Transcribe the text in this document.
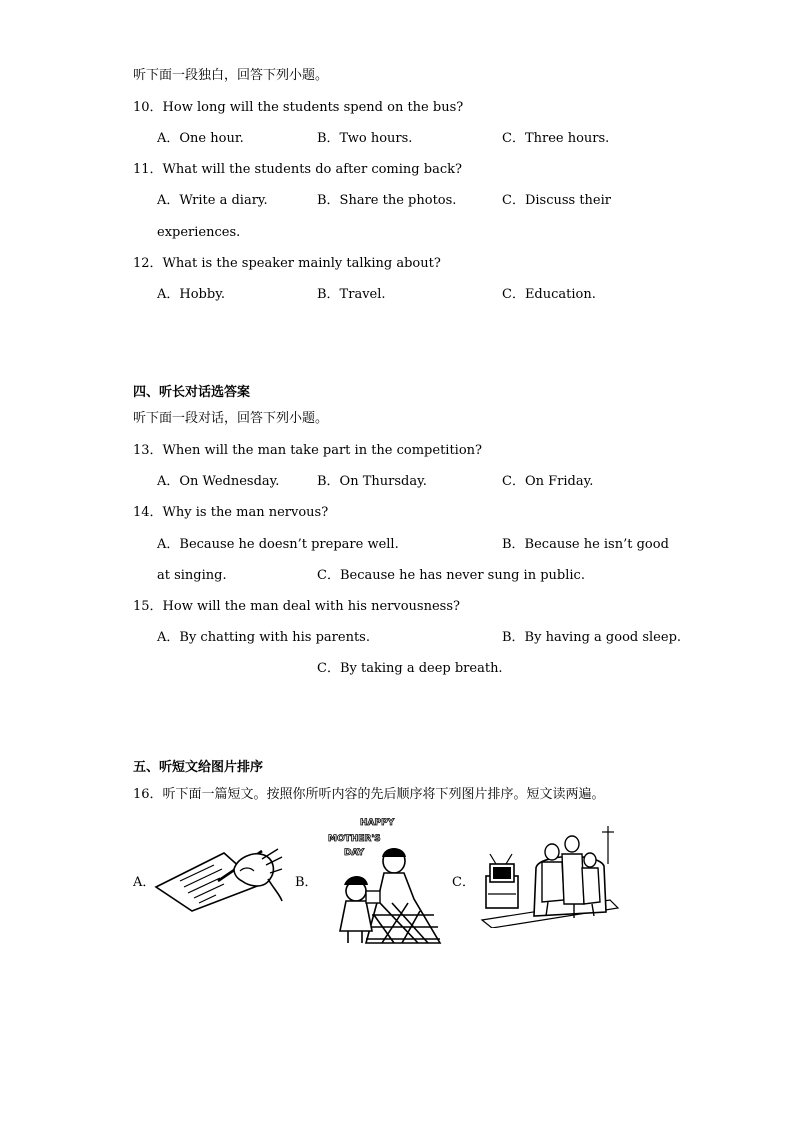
听下面一段独白，回答下列小题。
10．How long will the students spend on the bus?
A．One hour.	B．Two hours.	C．Three hours.
11．What will the students do after coming back?
A．Write a diary.	B．Share the photos.	C．Discuss their
experiences.
12．What is the speaker mainly talking about?
A．Hobby.	B．Travel.	C．Education.
四、听长对话选答案
听下面一段对话，回答下列小题。
13．When will the man take part in the competition?
A．On Wednesday.	B．On Thursday.	C．On Friday.
14．Why is the man nervous?
A．Because he doesn’t prepare well.	B．Because he isn’t good
at singing.	C．Because he has never sung in public.
15．How will the man deal with his nervousness?
A．By chatting with his parents.	B．By having a good sleep.
C．By taking a deep breath.
五、听短文给图片排序
16．听下面一篇短文。按照你所听内容的先后顺序将下列图片排序。短文读两遍。
A．	B．	C．
HAPPY
MOTHER'S
DAY
